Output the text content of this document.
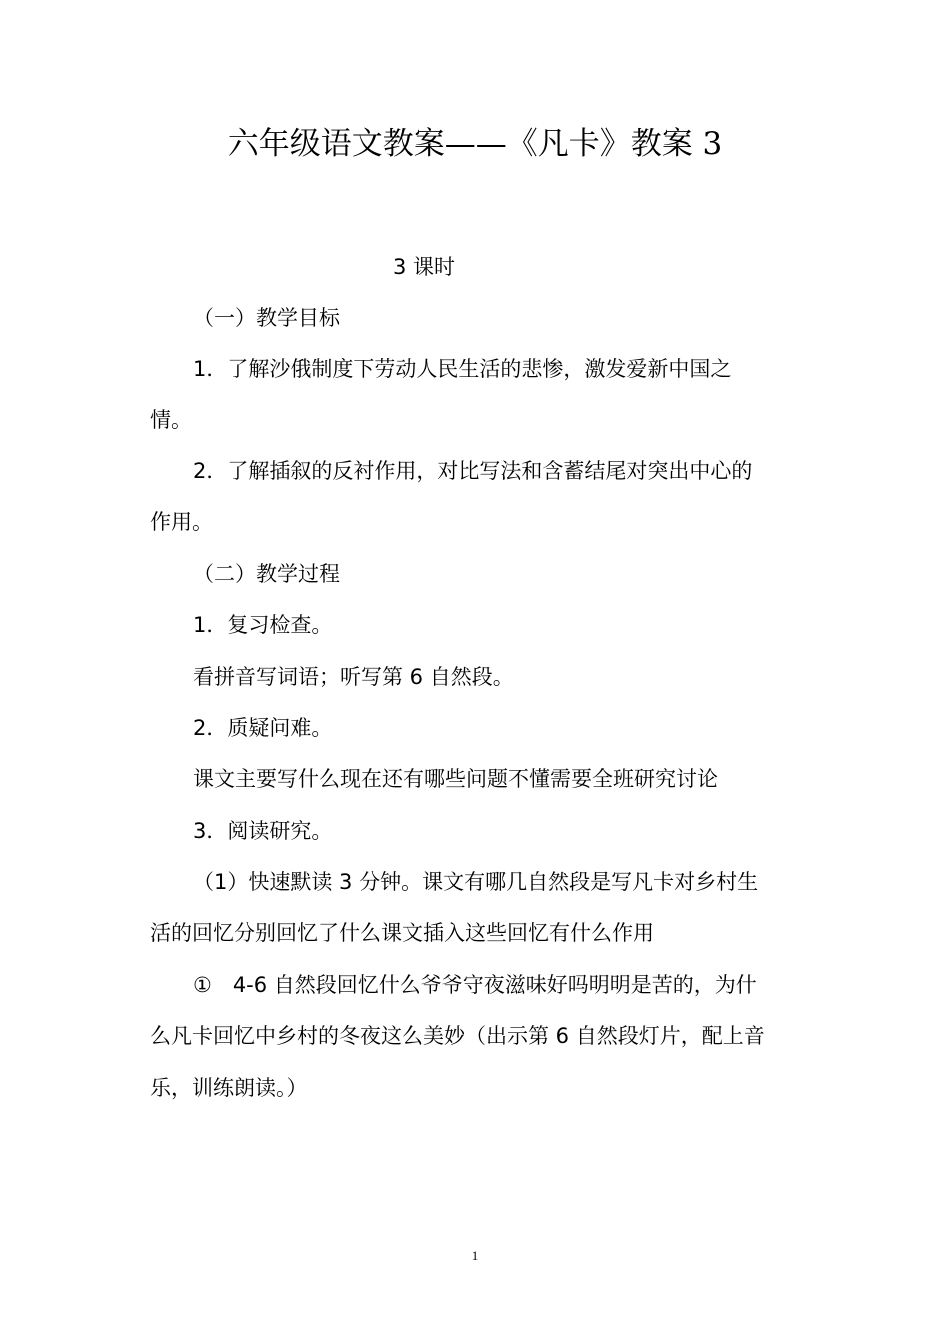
六年级语文教案——《凡卡》教案 3
3 课时
（一）教学目标
1．了解沙俄制度下劳动人民生活的悲惨，激发爱新中国之
情。
2．了解插叙的反衬作用，对比写法和含蓄结尾对突出中心的
作用。
（二）教学过程
1．复习检查。
看拼音写词语；听写第 6 自然段。
2．质疑问难。
课文主要写什么现在还有哪些问题不懂需要全班研究讨论
3．阅读研究。
（1）快速默读 3 分钟。课文有哪几自然段是写凡卡对乡村生
活的回忆分别回忆了什么课文插入这些回忆有什么作用
①　4-6 自然段回忆什么爷爷守夜滋味好吗明明是苦的，为什
么凡卡回忆中乡村的冬夜这么美妙（出示第 6 自然段灯片，配上音
乐，训练朗读。）
1
